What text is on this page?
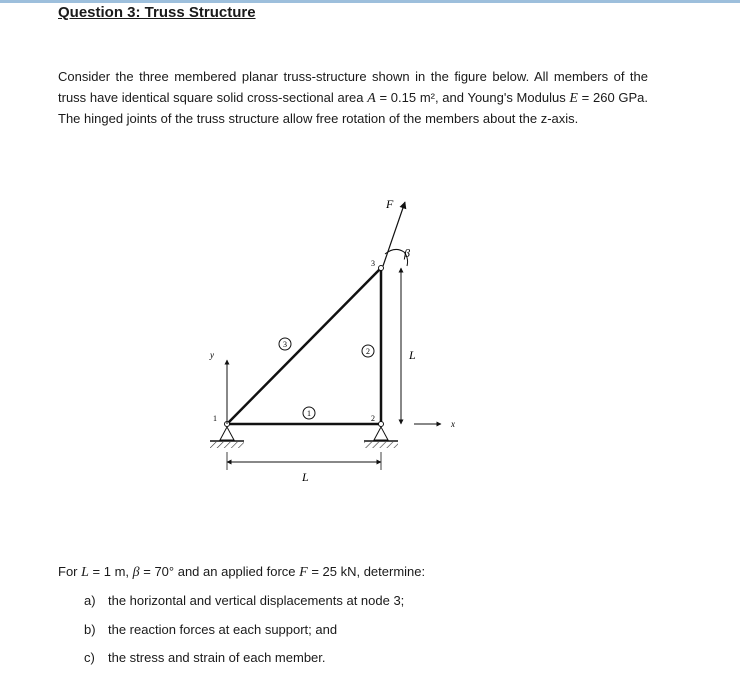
Question 3: Truss Structure

Consider the three membered planar truss-structure shown in the figure below. All members of the truss have identical square solid cross-sectional area A = 0.15 m², and Young's Modulus E = 260 GPa. The hinged joints of the truss structure allow free rotation of the members about the z-axis.

1	2
3
1
2
3
F
β
L
L
y
x

For L = 1 m, β = 70° and an applied force F = 25 kN, determine:

a) the horizontal and vertical displacements at node 3;
b) the reaction forces at each support; and
c) the stress and strain of each member.
